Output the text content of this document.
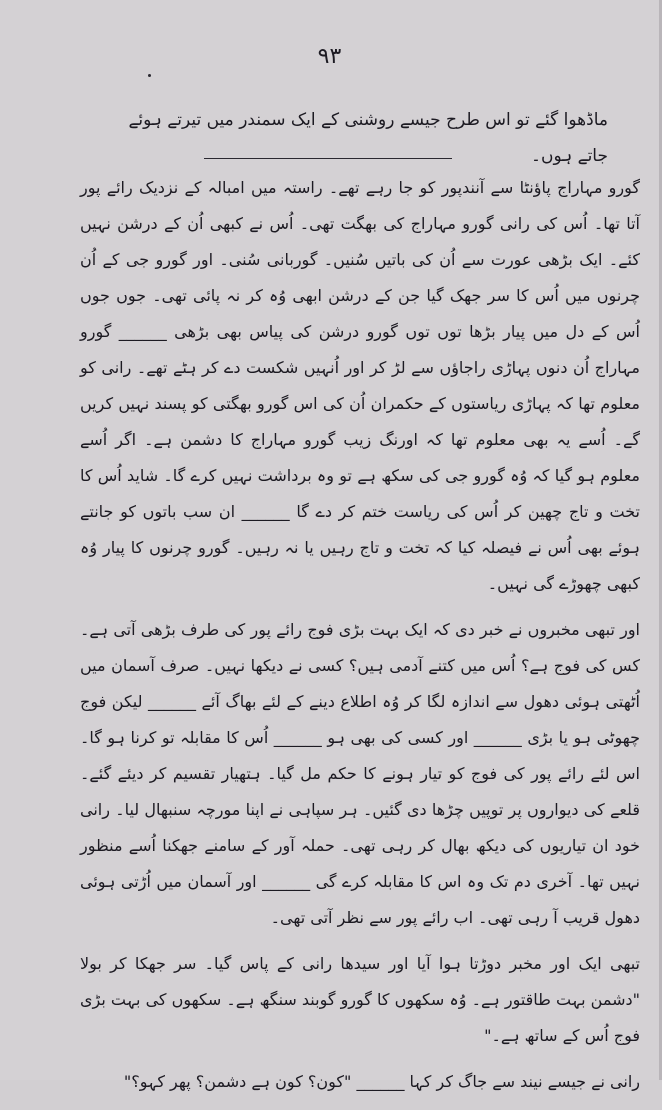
٩٣
ماڈھوا گئے تو اس طرح جیسے روشنی کے ایک سمندر میں تیرتے ہوئے جاتے ہوں۔

گورو مہاراج پاؤنٹا سے آنندپور کو جا رہے تھے۔ راستہ میں امبالہ کے نزدیک رائے پور آتا تھا۔ اُس کی رانی گورو مہاراج کی بھگت تھی۔ اُس نے کبھی اُن کے درشن نہیں کئے۔ ایک بڑھی عورت سے اُن کی باتیں سُنیں۔ گوربانی سُنی۔ اور گورو جی کے اُن چرنوں میں اُس کا سر جھک گیا جن کے درشن ابھی وُہ کر نہ پائی تھی۔ جوں جوں اُس کے دل میں پیار بڑھا توں توں گورو درشن کی پیاس بھی بڑھی ______ گورو مہاراج اُن دنوں پہاڑی راجاؤں سے لڑ کر اور اُنہیں شکست دے کر ہٹے تھے۔ رانی کو معلوم تھا کہ پہاڑی ریاستوں کے حکمران اُن کی اس گورو بھگتی کو پسند نہیں کریں گے۔ اُسے یہ بھی معلوم تھا کہ اورنگ زیب گورو مہاراج کا دشمن ہے۔ اگر اُسے معلوم ہو گیا کہ وُہ گورو جی کی سکھ ہے تو وہ برداشت نہیں کرے گا۔ شاید اُس کا تخت و تاج چھین کر اُس کی ریاست ختم کر دے گا ______ ان سب باتوں کو جانتے ہوئے بھی اُس نے فیصلہ کیا کہ تخت و تاج رہیں یا نہ رہیں۔ گورو چرنوں کا پیار وُہ کبھی چھوڑے گی نہیں۔

اور تبھی مخبروں نے خبر دی کہ ایک بہت بڑی فوج رائے پور کی طرف بڑھی آتی ہے۔ کس کی فوج ہے؟ اُس میں کتنے آدمی ہیں؟ کسی نے دیکھا نہیں۔ صرف آسمان میں اُٹھتی ہوئی دھول سے اندازہ لگا کر وُہ اطلاع دینے کے لئے بھاگ آئے ______ لیکن فوج چھوٹی ہو یا بڑی ______ اور کسی کی بھی ہو ______ اُس کا مقابلہ تو کرنا ہو گا۔ اس لئے رائے پور کی فوج کو تیار ہونے کا حکم مل گیا۔ ہتھیار تقسیم کر دیئے گئے۔ قلعے کی دیواروں پر توپیں چڑھا دی گئیں۔ ہر سپاہی نے اپنا مورچہ سنبھال لیا۔ رانی خود ان تیاریوں کی دیکھ بھال کر رہی تھی۔ حملہ آور کے سامنے جھکنا اُسے منظور نہیں تھا۔ آخری دم تک وہ اس کا مقابلہ کرے گی ______ اور آسمان میں اُڑتی ہوئی دھول قریب آ رہی تھی۔ اب رائے پور سے نظر آتی تھی۔

تبھی ایک اور مخبر دوڑتا ہوا آیا اور سیدھا رانی کے پاس گیا۔ سر جھکا کر بولا "دشمن بہت طاقتور ہے۔ وُہ سکھوں کا گورو گوبند سنگھ ہے۔ سکھوں کی بہت بڑی فوج اُس کے ساتھ ہے۔"

رانی نے جیسے نیند سے جاگ کر کہا ______ "کون؟ کون ہے دشمن؟ پھر کہو؟"
